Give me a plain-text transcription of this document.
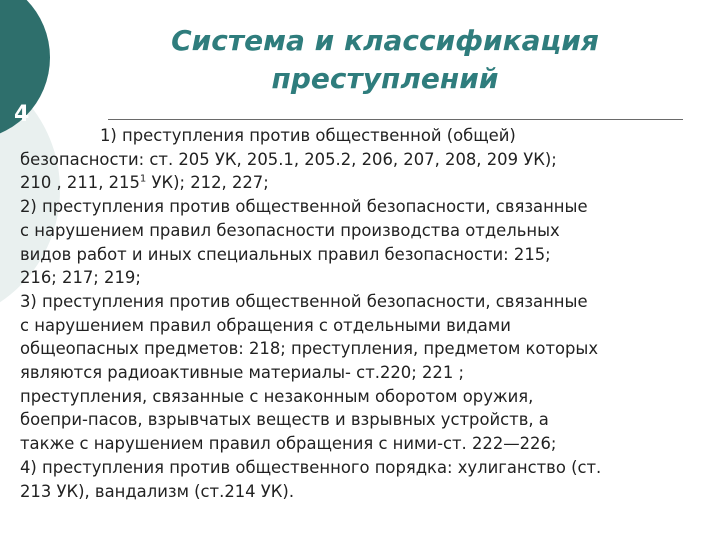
4
Система и классификация
преступлений
1) преступления против общественной (общей)
безопасности: ст. 205 УК, 205.1, 205.2, 206, 207, 208, 209 УК);
210 , 211, $215^1$ УК); 212, 227;
2) преступления против общественной безопасности, связанные
с нарушением правил безопасности производства отдельных
видов работ и иных специальных правил безопасности: 215;
216; 217; 219;
3) преступления против общественной безопасности, связанные
с нарушением правил обращения с отдельными видами
общеопасных предметов: 218; преступления, предметом которых
являются радиоактивные материалы- ст.220; 221 ;
преступления, связанные с незаконным оборотом оружия,
боепри-пасов, взрывчатых веществ и взрывных устройств, а
также с нарушением правил обращения с ними-ст. 222—226;
4) преступления против общественного порядка: хулиганство (ст.
213 УК), вандализм (ст.214 УК).
